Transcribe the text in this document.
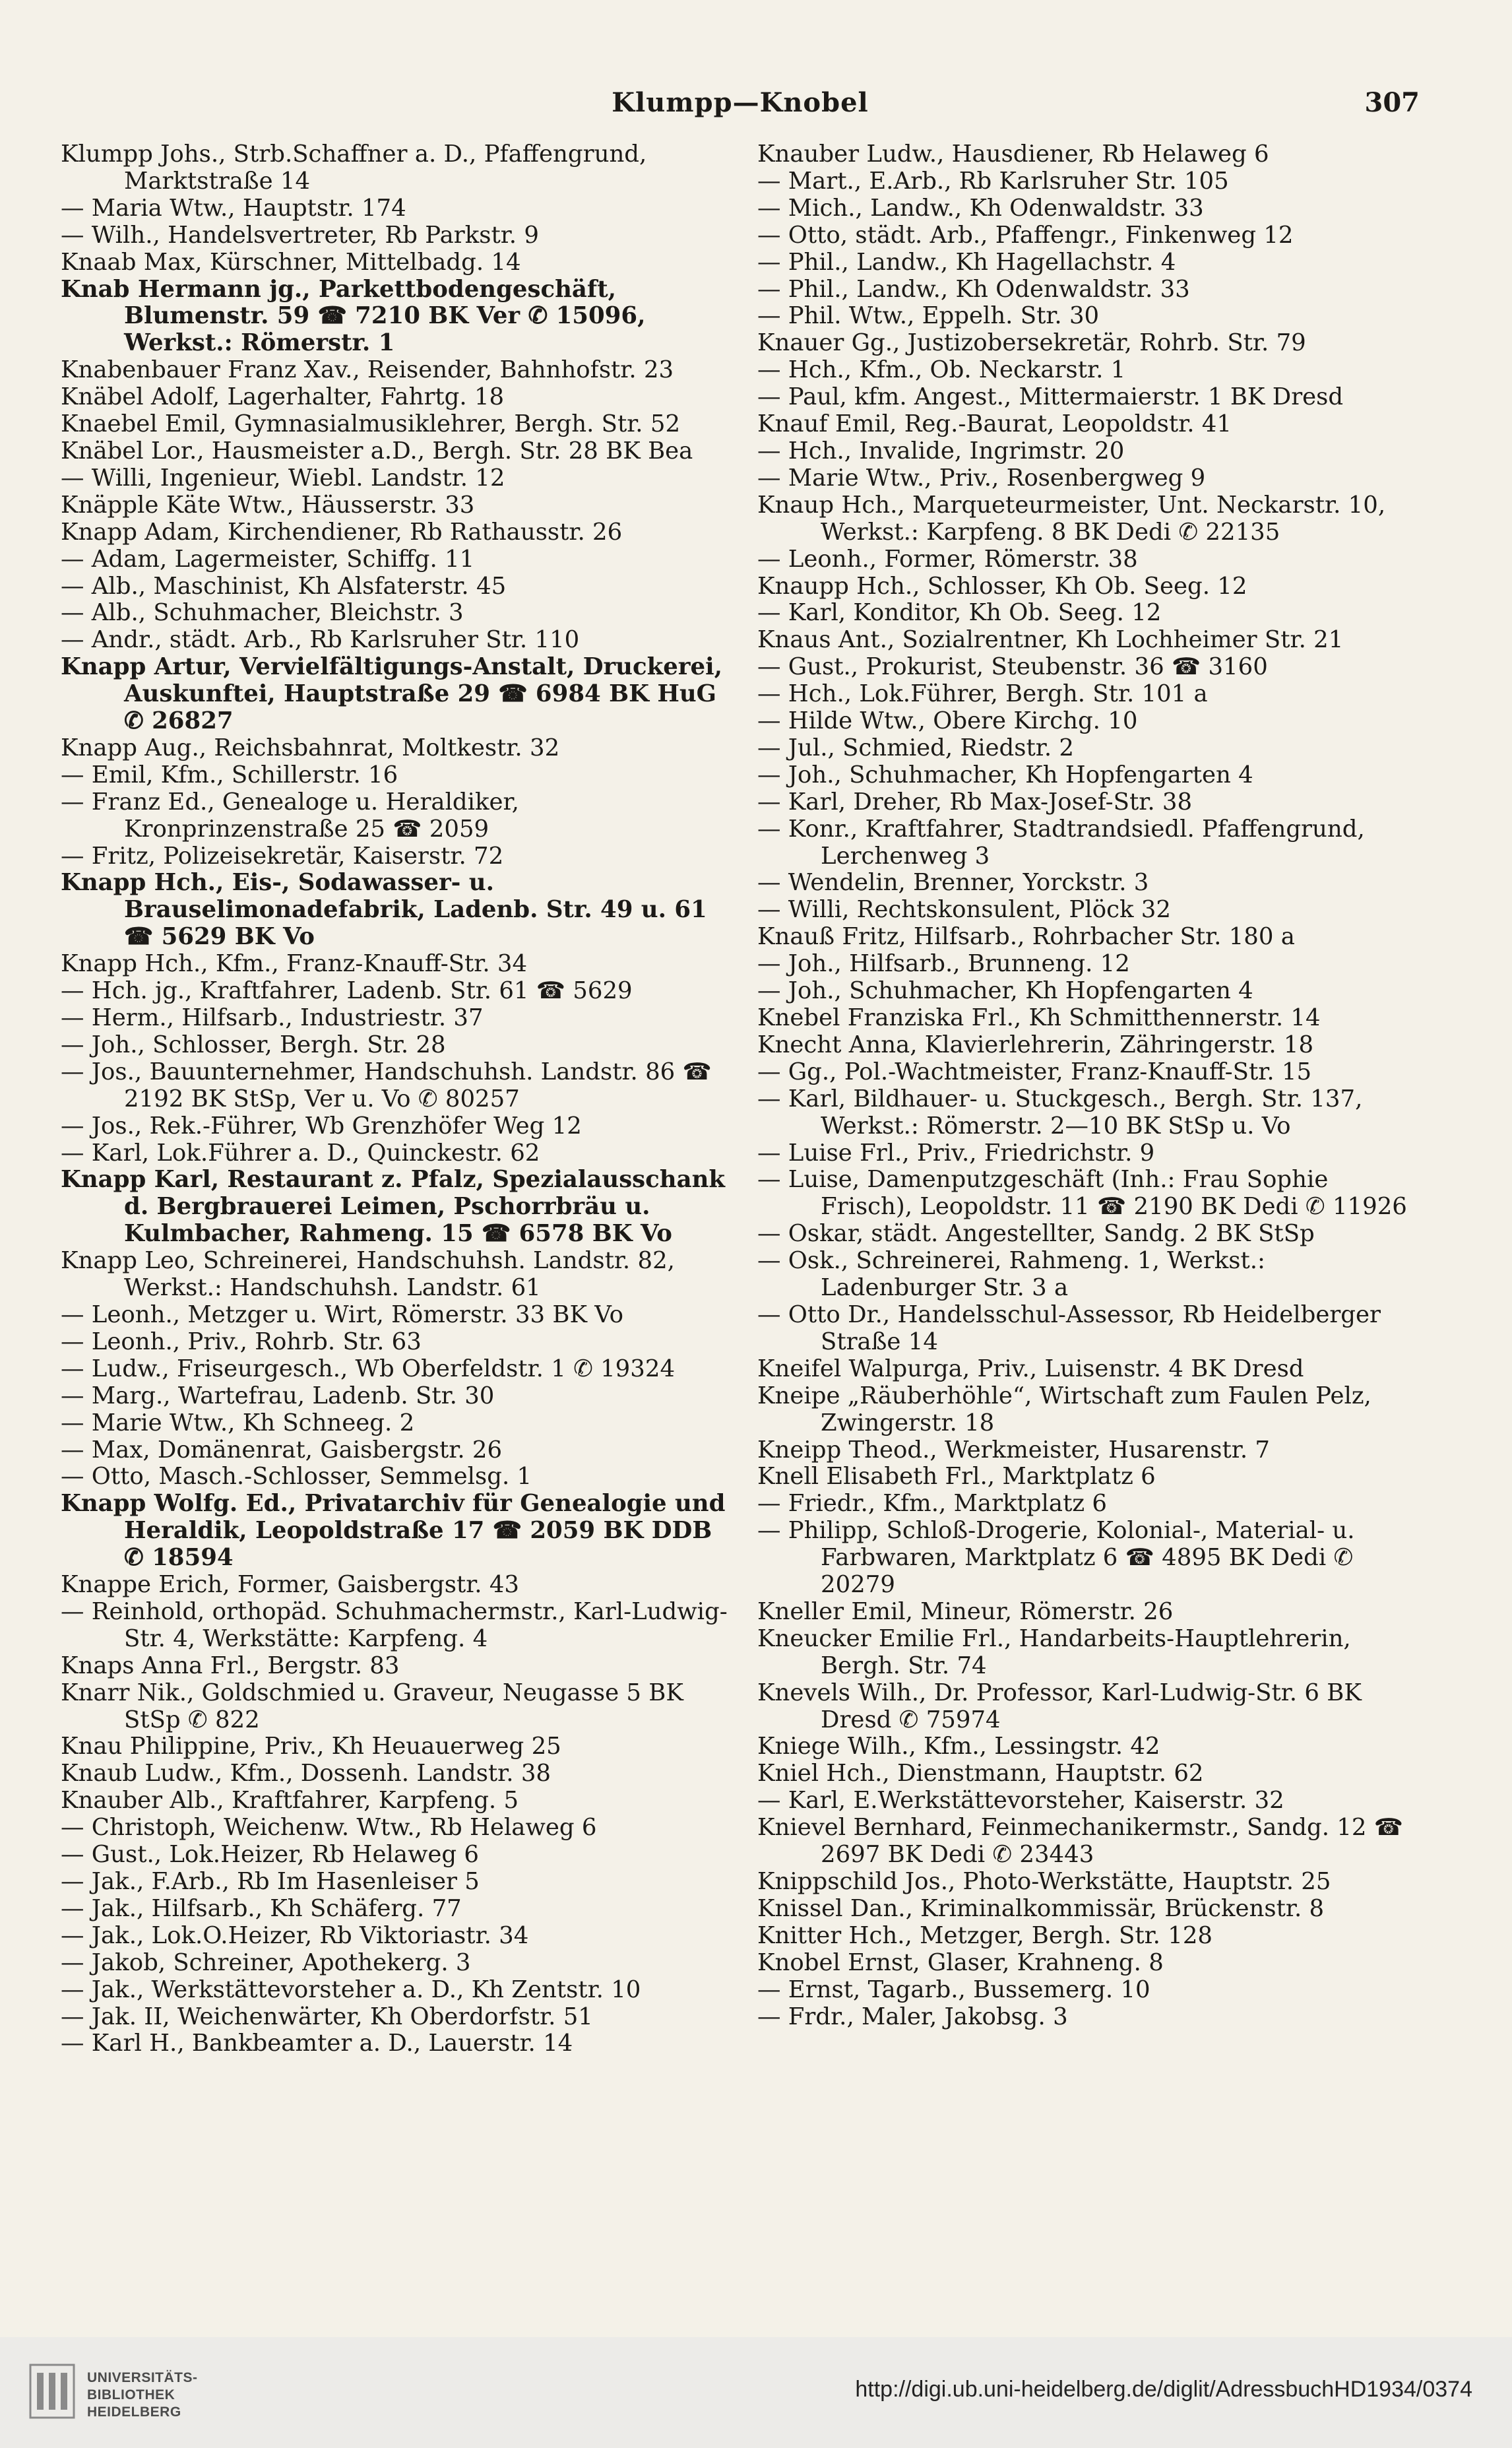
Klumpp—Knobel	307

Klumpp Johs., Strb.Schaffner a. D., Pfaffengrund, Marktstraße 14

— Maria Wtw., Hauptstr. 174

— Wilh., Handelsvertreter, Rb Parkstr. 9

Knaab Max, Kürschner, Mittelbadg. 14

Knab Hermann jg., Parkettbodengeschäft, Blumenstr. 59 ☎ 7210 BK Ver ✆ 15096, Werkst.: Römerstr. 1

Knabenbauer Franz Xav., Reisender, Bahnhofstr. 23

Knäbel Adolf, Lagerhalter, Fahrtg. 18

Knaebel Emil, Gymnasialmusiklehrer, Bergh. Str. 52

Knäbel Lor., Hausmeister a.D., Bergh. Str. 28 BK Bea

— Willi, Ingenieur, Wiebl. Landstr. 12

Knäpple Käte Wtw., Häusserstr. 33

Knapp Adam, Kirchendiener, Rb Rathausstr. 26

— Adam, Lagermeister, Schiffg. 11

— Alb., Maschinist, Kh Alsfaterstr. 45

— Alb., Schuhmacher, Bleichstr. 3

— Andr., städt. Arb., Rb Karlsruher Str. 110

Knapp Artur, Vervielfältigungs-Anstalt, Druckerei, Auskunftei, Hauptstraße 29 ☎ 6984 BK HuG ✆ 26827

Knapp Aug., Reichsbahnrat, Moltkestr. 32

— Emil, Kfm., Schillerstr. 16

— Franz Ed., Genealoge u. Heraldiker, Kronprinzenstraße 25 ☎ 2059

— Fritz, Polizeisekretär, Kaiserstr. 72

Knapp Hch., Eis-, Sodawasser- u. Brauselimonadefabrik, Ladenb. Str. 49 u. 61 ☎ 5629 BK Vo

Knapp Hch., Kfm., Franz-Knauff-Str. 34

— Hch. jg., Kraftfahrer, Ladenb. Str. 61 ☎ 5629

— Herm., Hilfsarb., Industriestr. 37

— Joh., Schlosser, Bergh. Str. 28

— Jos., Bauunternehmer, Handschuhsh. Landstr. 86 ☎ 2192 BK StSp, Ver u. Vo ✆ 80257

— Jos., Rek.-Führer, Wb Grenzhöfer Weg 12

— Karl, Lok.Führer a. D., Quinckestr. 62

Knapp Karl, Restaurant z. Pfalz, Spezialausschank d. Bergbrauerei Leimen, Pschorrbräu u. Kulmbacher, Rahmeng. 15 ☎ 6578 BK Vo

Knapp Leo, Schreinerei, Handschuhsh. Landstr. 82, Werkst.: Handschuhsh. Landstr. 61

— Leonh., Metzger u. Wirt, Römerstr. 33 BK Vo

— Leonh., Priv., Rohrb. Str. 63

— Ludw., Friseurgesch., Wb Oberfeldstr. 1 ✆ 19324

— Marg., Wartefrau, Ladenb. Str. 30

— Marie Wtw., Kh Schneeg. 2

— Max, Domänenrat, Gaisbergstr. 26

— Otto, Masch.-Schlosser, Semmelsg. 1

Knapp Wolfg. Ed., Privatarchiv für Genealogie und Heraldik, Leopoldstraße 17 ☎ 2059 BK DDB ✆ 18594

Knappe Erich, Former, Gaisbergstr. 43

— Reinhold, orthopäd. Schuhmachermstr., Karl-Ludwig-Str. 4, Werkstätte: Karpfeng. 4

Knaps Anna Frl., Bergstr. 83

Knarr Nik., Goldschmied u. Graveur, Neugasse 5 BK StSp ✆ 822

Knau Philippine, Priv., Kh Heuauerweg 25

Knaub Ludw., Kfm., Dossenh. Landstr. 38

Knauber Alb., Kraftfahrer, Karpfeng. 5

— Christoph, Weichenw. Wtw., Rb Helaweg 6

— Gust., Lok.Heizer, Rb Helaweg 6

— Jak., F.Arb., Rb Im Hasenleiser 5

— Jak., Hilfsarb., Kh Schäferg. 77

— Jak., Lok.O.Heizer, Rb Viktoriastr. 34

— Jakob, Schreiner, Apothekerg. 3

— Jak., Werkstättevorsteher a. D., Kh Zentstr. 10

— Jak. II, Weichenwärter, Kh Oberdorfstr. 51

— Karl H., Bankbeamter a. D., Lauerstr. 14

Knauber Ludw., Hausdiener, Rb Helaweg 6

— Mart., E.Arb., Rb Karlsruher Str. 105

— Mich., Landw., Kh Odenwaldstr. 33

— Otto, städt. Arb., Pfaffengr., Finkenweg 12

— Phil., Landw., Kh Hagellachstr. 4

— Phil., Landw., Kh Odenwaldstr. 33

— Phil. Wtw., Eppelh. Str. 30

Knauer Gg., Justizobersekretär, Rohrb. Str. 79

— Hch., Kfm., Ob. Neckarstr. 1

— Paul, kfm. Angest., Mittermaierstr. 1 BK Dresd

Knauf Emil, Reg.-Baurat, Leopoldstr. 41

— Hch., Invalide, Ingrimstr. 20

— Marie Wtw., Priv., Rosenbergweg 9

Knaup Hch., Marqueteurmeister, Unt. Neckarstr. 10, Werkst.: Karpfeng. 8 BK Dedi ✆ 22135

— Leonh., Former, Römerstr. 38

Knaupp Hch., Schlosser, Kh Ob. Seeg. 12

— Karl, Konditor, Kh Ob. Seeg. 12

Knaus Ant., Sozialrentner, Kh Lochheimer Str. 21

— Gust., Prokurist, Steubenstr. 36 ☎ 3160

— Hch., Lok.Führer, Bergh. Str. 101 a

— Hilde Wtw., Obere Kirchg. 10

— Jul., Schmied, Riedstr. 2

— Joh., Schuhmacher, Kh Hopfengarten 4

— Karl, Dreher, Rb Max-Josef-Str. 38

— Konr., Kraftfahrer, Stadtrandsiedl. Pfaffengrund, Lerchenweg 3

— Wendelin, Brenner, Yorckstr. 3

— Willi, Rechtskonsulent, Plöck 32

Knauß Fritz, Hilfsarb., Rohrbacher Str. 180 a

— Joh., Hilfsarb., Brunneng. 12

— Joh., Schuhmacher, Kh Hopfengarten 4

Knebel Franziska Frl., Kh Schmitthennerstr. 14

Knecht Anna, Klavierlehrerin, Zähringerstr. 18

— Gg., Pol.-Wachtmeister, Franz-Knauff-Str. 15

— Karl, Bildhauer- u. Stuckgesch., Bergh. Str. 137, Werkst.: Römerstr. 2—10 BK StSp u. Vo

— Luise Frl., Priv., Friedrichstr. 9

— Luise, Damenputzgeschäft (Inh.: Frau Sophie Frisch), Leopoldstr. 11 ☎ 2190 BK Dedi ✆ 11926

— Oskar, städt. Angestellter, Sandg. 2 BK StSp

— Osk., Schreinerei, Rahmeng. 1, Werkst.: Ladenburger Str. 3 a

— Otto Dr., Handelsschul-Assessor, Rb Heidelberger Straße 14

Kneifel Walpurga, Priv., Luisenstr. 4 BK Dresd

Kneipe „Räuberhöhle“, Wirtschaft zum Faulen Pelz, Zwingerstr. 18

Kneipp Theod., Werkmeister, Husarenstr. 7

Knell Elisabeth Frl., Marktplatz 6

— Friedr., Kfm., Marktplatz 6

— Philipp, Schloß-Drogerie, Kolonial-, Material- u. Farbwaren, Marktplatz 6 ☎ 4895 BK Dedi ✆ 20279

Kneller Emil, Mineur, Römerstr. 26

Kneucker Emilie Frl., Handarbeits-Hauptlehrerin, Bergh. Str. 74

Knevels Wilh., Dr. Professor, Karl-Ludwig-Str. 6 BK Dresd ✆ 75974

Kniege Wilh., Kfm., Lessingstr. 42

Kniel Hch., Dienstmann, Hauptstr. 62

— Karl, E.Werkstättevorsteher, Kaiserstr. 32

Knievel Bernhard, Feinmechanikermstr., Sandg. 12 ☎ 2697 BK Dedi ✆ 23443

Knippschild Jos., Photo-Werkstätte, Hauptstr. 25

Knissel Dan., Kriminalkommissär, Brückenstr. 8

Knitter Hch., Metzger, Bergh. Str. 128

Knobel Ernst, Glaser, Krahneng. 8

— Ernst, Tagarb., Bussemerg. 10

— Frdr., Maler, Jakobsg. 3

UNIVERSITÄTS-
BIBLIOTHEK
HEIDELBERG
http://digi.ub.uni-heidelberg.de/diglit/AdressbuchHD1934/0374
